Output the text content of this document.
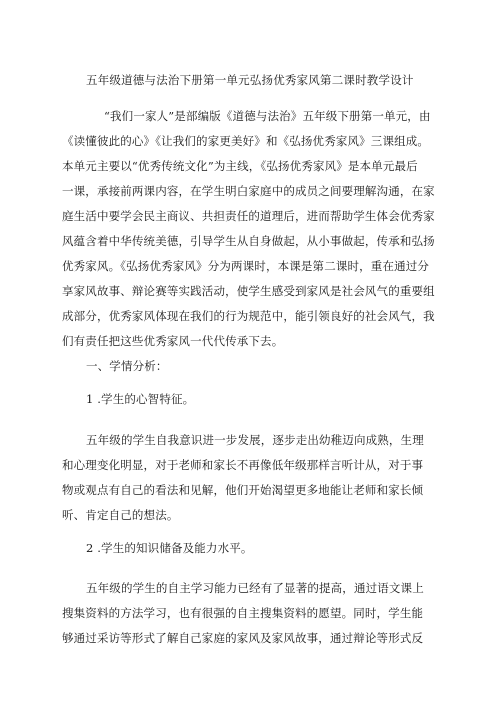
五年级道德与法治下册第一单元弘扬优秀家风第二课时教学设计
“我们一家人”是部编版《道德与法治》五年级下册第一单元，由
《读懂彼此的心》《让我们的家更美好》和《弘扬优秀家风》三课组成。
本单元主要以“优秀传统文化”为主线，《弘扬优秀家风》是本单元最后
一课，承接前两课内容，在学生明白家庭中的成员之间要理解沟通，在家
庭生活中要学会民主商议、共担责任的道理后，进而帮助学生体会优秀家
风蕴含着中华传统美德，引导学生从自身做起，从小事做起，传承和弘扬
优秀家风。《弘扬优秀家风》分为两课时，本课是第二课时，重在通过分
享家风故事、辩论赛等实践活动，使学生感受到家风是社会风气的重要组
成部分，优秀家风体现在我们的行为规范中，能引领良好的社会风气，我
们有责任把这些优秀家风一代代传承下去。
一、学情分析：
1 .学生的心智特征。
五年级的学生自我意识进一步发展，逐步走出幼稚迈向成熟，生理
和心理变化明显，对于老师和家长不再像低年级那样言听计从，对于事
物或观点有自己的看法和见解，他们开始渴望更多地能让老师和家长倾
听、肯定自己的想法。
2 .学生的知识储备及能力水平。
五年级的学生的自主学习能力已经有了显著的提高，通过语文课上
搜集资料的方法学习，也有很强的自主搜集资料的愿望。同时，学生能
够通过采访等形式了解自己家庭的家风及家风故事，通过辩论等形式反
